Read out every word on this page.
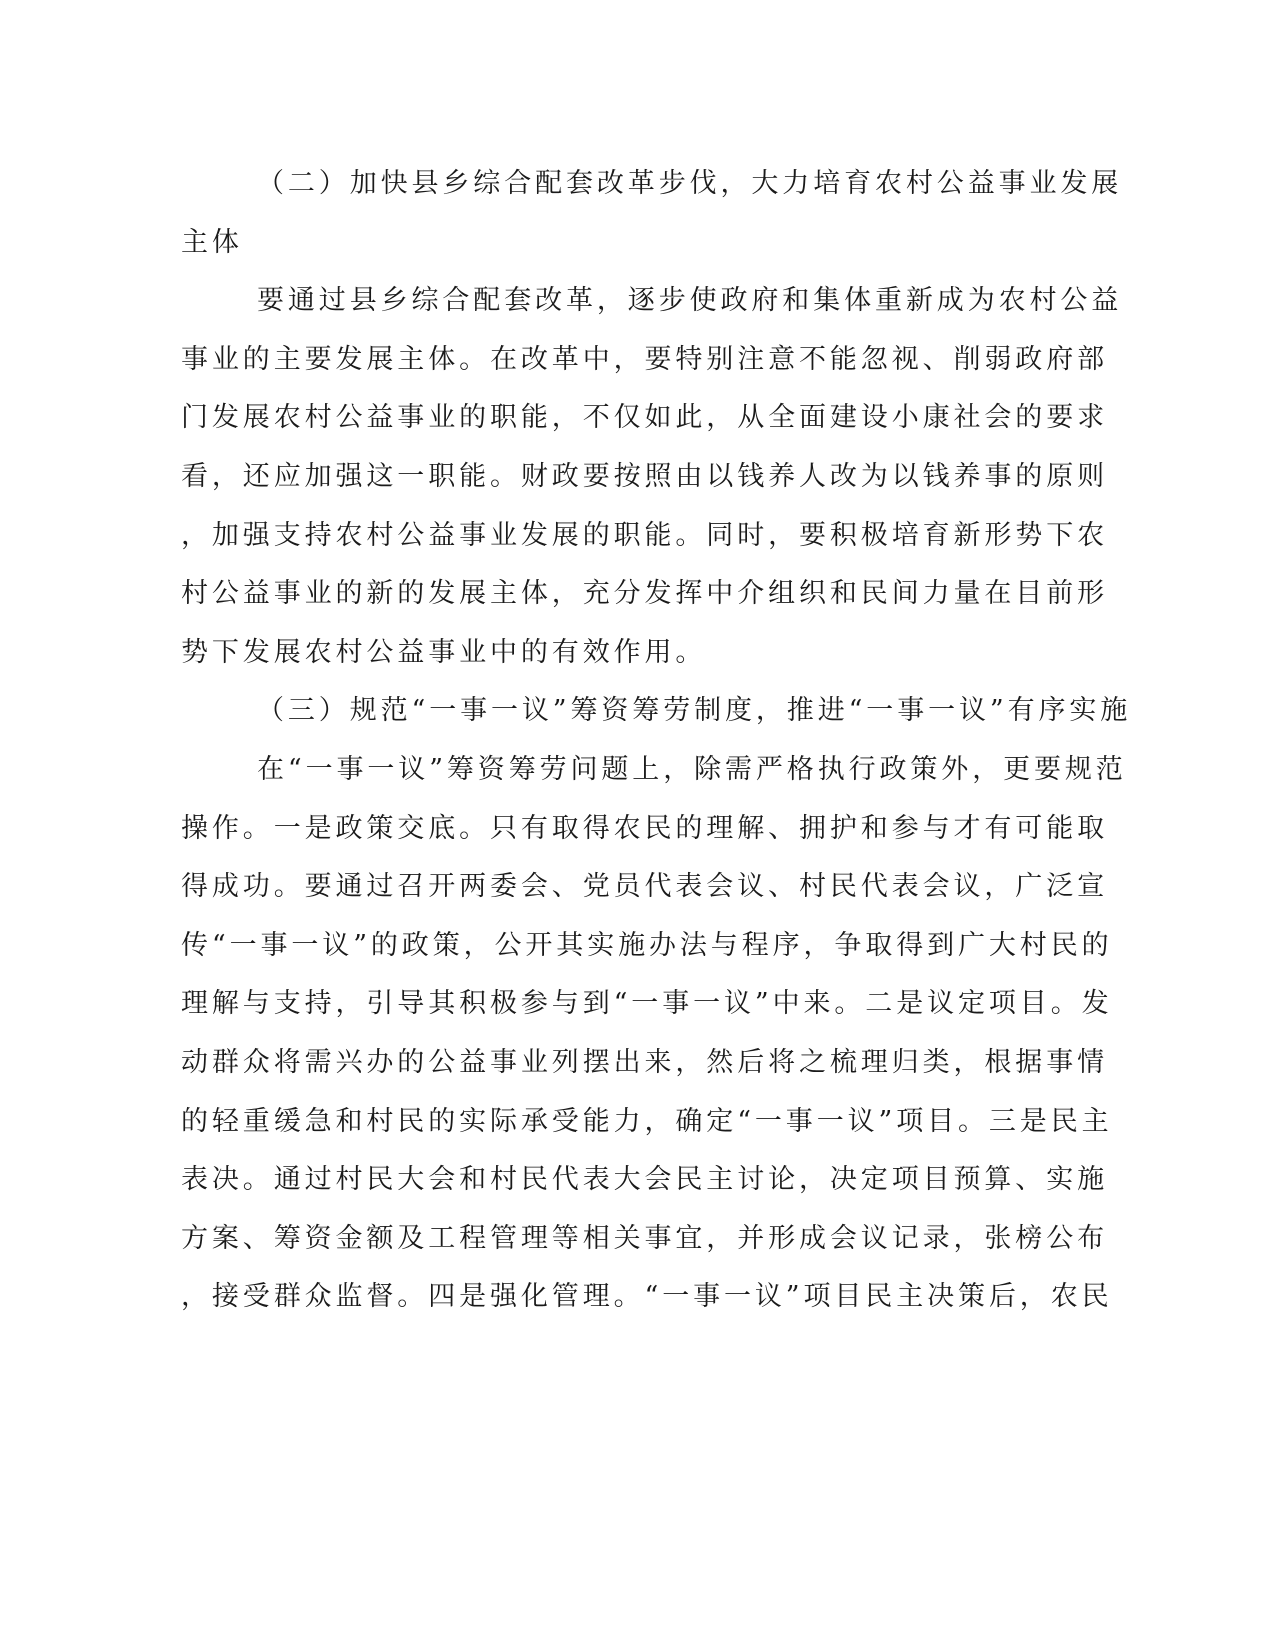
（二）加快县乡综合配套改革步伐，大力培育农村公益事业发展
主体
要通过县乡综合配套改革，逐步使政府和集体重新成为农村公益
事业的主要发展主体。在改革中，要特别注意不能忽视、削弱政府部
门发展农村公益事业的职能，不仅如此，从全面建设小康社会的要求
看，还应加强这一职能。财政要按照由以钱养人改为以钱养事的原则
，加强支持农村公益事业发展的职能。同时，要积极培育新形势下农
村公益事业的新的发展主体，充分发挥中介组织和民间力量在目前形
势下发展农村公益事业中的有效作用。
（三）规范“一事一议”筹资筹劳制度，推进“一事一议”有序实施
在“一事一议”筹资筹劳问题上，除需严格执行政策外，更要规范
操作。一是政策交底。只有取得农民的理解、拥护和参与才有可能取
得成功。要通过召开两委会、党员代表会议、村民代表会议，广泛宣
传“一事一议”的政策，公开其实施办法与程序，争取得到广大村民的
理解与支持，引导其积极参与到“一事一议”中来。二是议定项目。发
动群众将需兴办的公益事业列摆出来，然后将之梳理归类，根据事情
的轻重缓急和村民的实际承受能力，确定“一事一议”项目。三是民主
表决。通过村民大会和村民代表大会民主讨论，决定项目预算、实施
方案、筹资金额及工程管理等相关事宜，并形成会议记录，张榜公布
，接受群众监督。四是强化管理。“一事一议”项目民主决策后，农民
